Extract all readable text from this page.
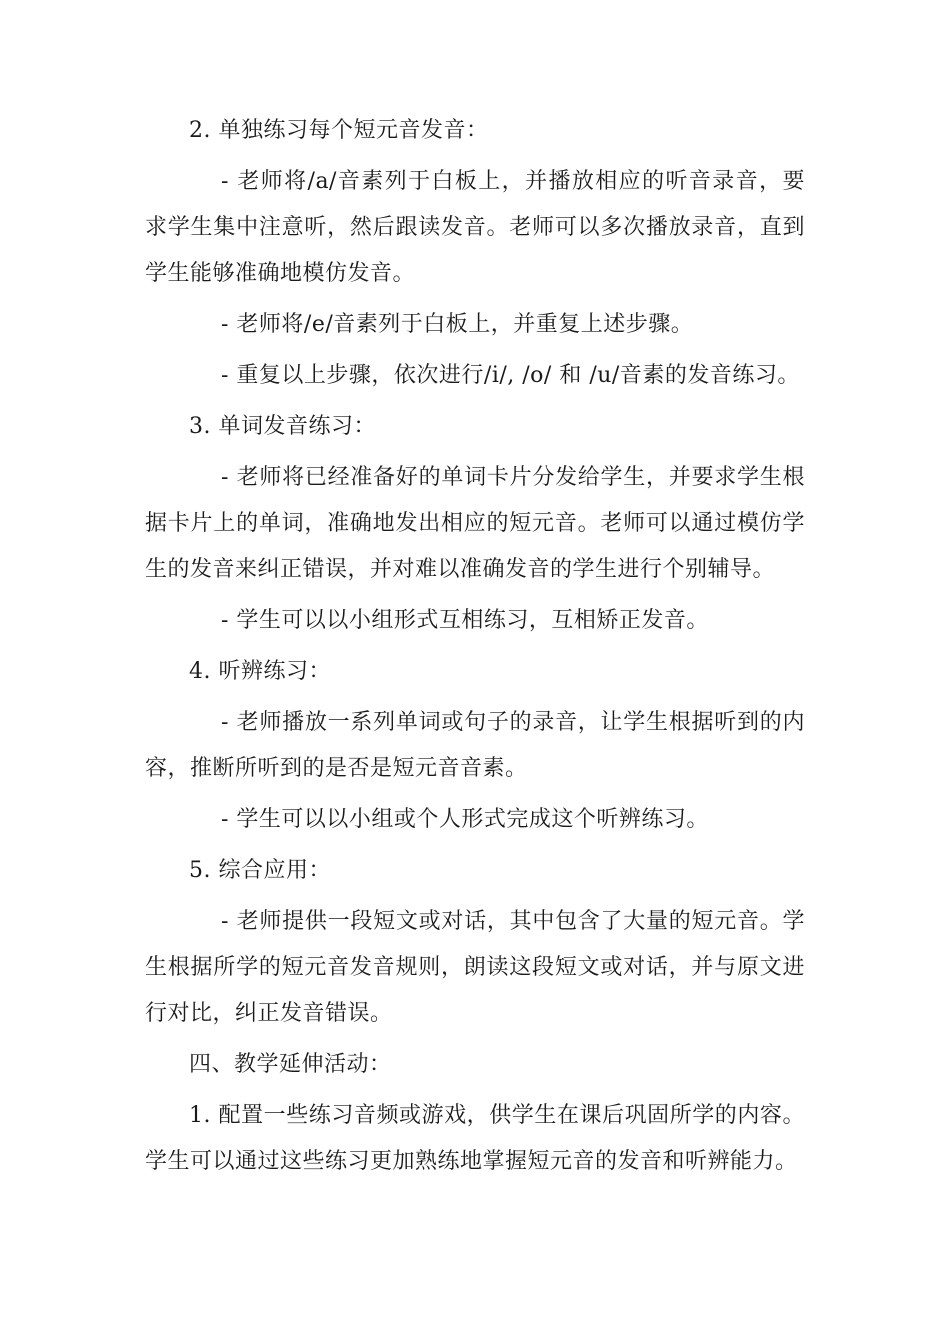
2. 单独练习每个短元音发音：

- 老师将/a/音素列于白板上，并播放相应的听音录音，要求学生集中注意听，然后跟读发音。老师可以多次播放录音，直到学生能够准确地模仿发音。

- 老师将/e/音素列于白板上，并重复上述步骤。

- 重复以上步骤，依次进行/i/, /o/ 和 /u/音素的发音练习。

3. 单词发音练习：

- 老师将已经准备好的单词卡片分发给学生，并要求学生根据卡片上的单词，准确地发出相应的短元音。老师可以通过模仿学生的发音来纠正错误，并对难以准确发音的学生进行个别辅导。

- 学生可以以小组形式互相练习，互相矫正发音。

4. 听辨练习：

- 老师播放一系列单词或句子的录音，让学生根据听到的内容，推断所听到的是否是短元音音素。

- 学生可以以小组或个人形式完成这个听辨练习。

5. 综合应用：

- 老师提供一段短文或对话，其中包含了大量的短元音。学生根据所学的短元音发音规则，朗读这段短文或对话，并与原文进行对比，纠正发音错误。

四、教学延伸活动：

1. 配置一些练习音频或游戏，供学生在课后巩固所学的内容。学生可以通过这些练习更加熟练地掌握短元音的发音和听辨能力。
